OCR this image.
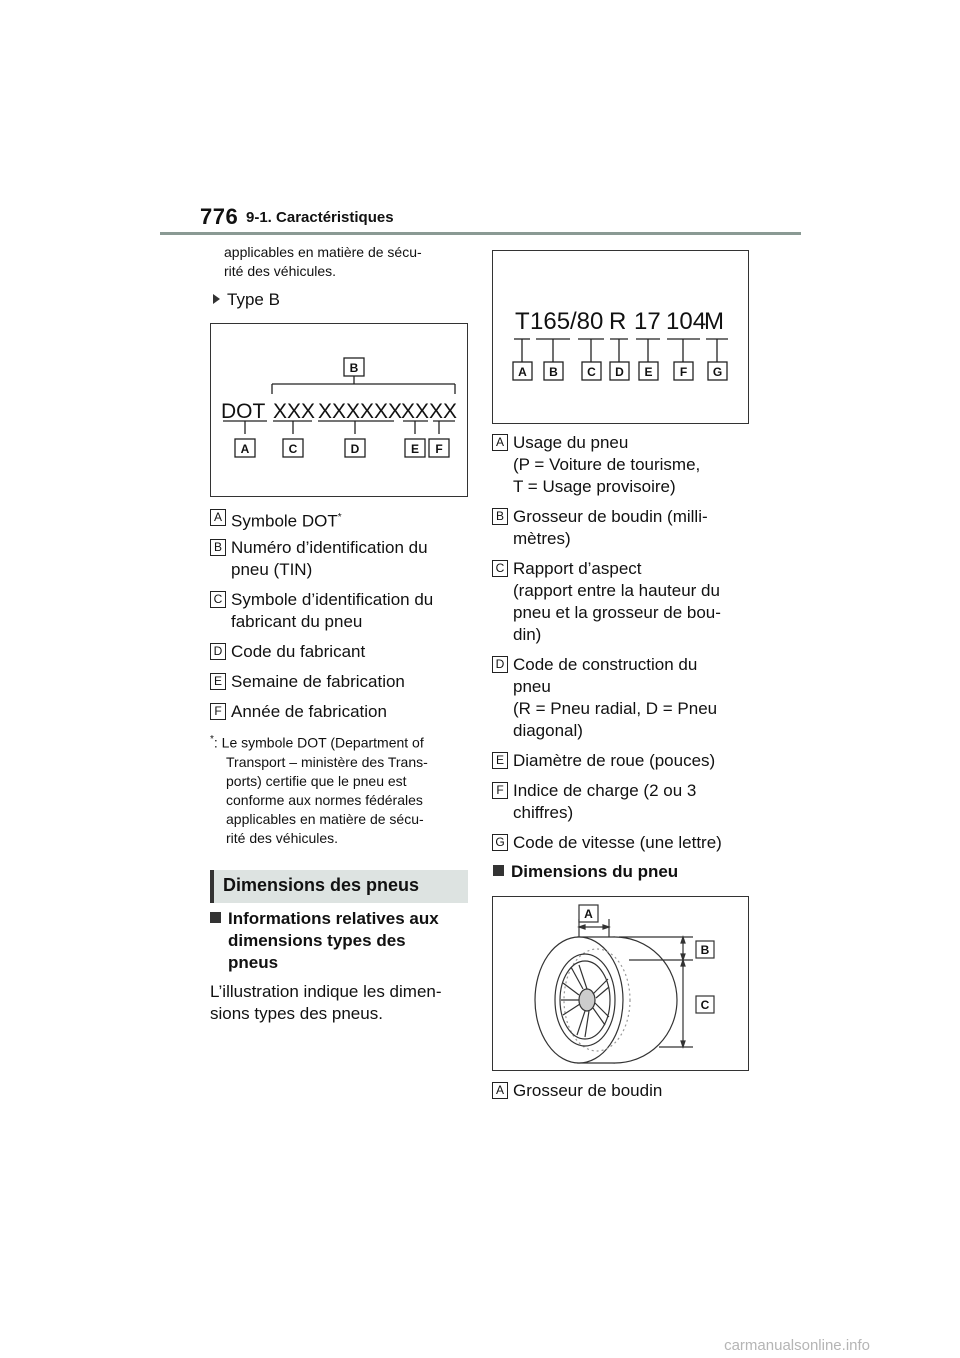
776 9-1. Caractéristiques
applicables en matière de sécu-
rité des véhicules.
Type B
B
A	C	D	E F
DOT XXX XXXXXX
XXXX
A Symbole DOT*
B Numéro d’identification du
pneu (TIN)
C Symbole d’identification du
fabricant du pneu
D Code du fabricant
E Semaine de fabrication
F Année de fabrication
*: Le symbole DOT (Department of
Transport – ministère des Trans-
ports) certifie que le pneu est
conforme aux normes fédérales
applicables en matière de sécu-
rité des véhicules.
Dimensions des pneus
Informations relatives aux
dimensions types des
pneus
L’illustration indique les dimen-
sions types des pneus.
T 165 /80 R 17 104
M
A B C D E F G
A Usage du pneu
(P = Voiture de tourisme,
T = Usage provisoire)
B Grosseur de boudin (milli-
mètres)
C Rapport d’aspect
(rapport entre la hauteur du
pneu et la grosseur de bou-
din)
D Code de construction du
pneu
(R = Pneu radial, D = Pneu
diagonal)
E Diamètre de roue (pouces)
F Indice de charge (2 ou 3
chiffres)
G Code de vitesse (une lettre)
Dimensions du pneu
A
B
C
A Grosseur de boudin
carmanualsonline.info
